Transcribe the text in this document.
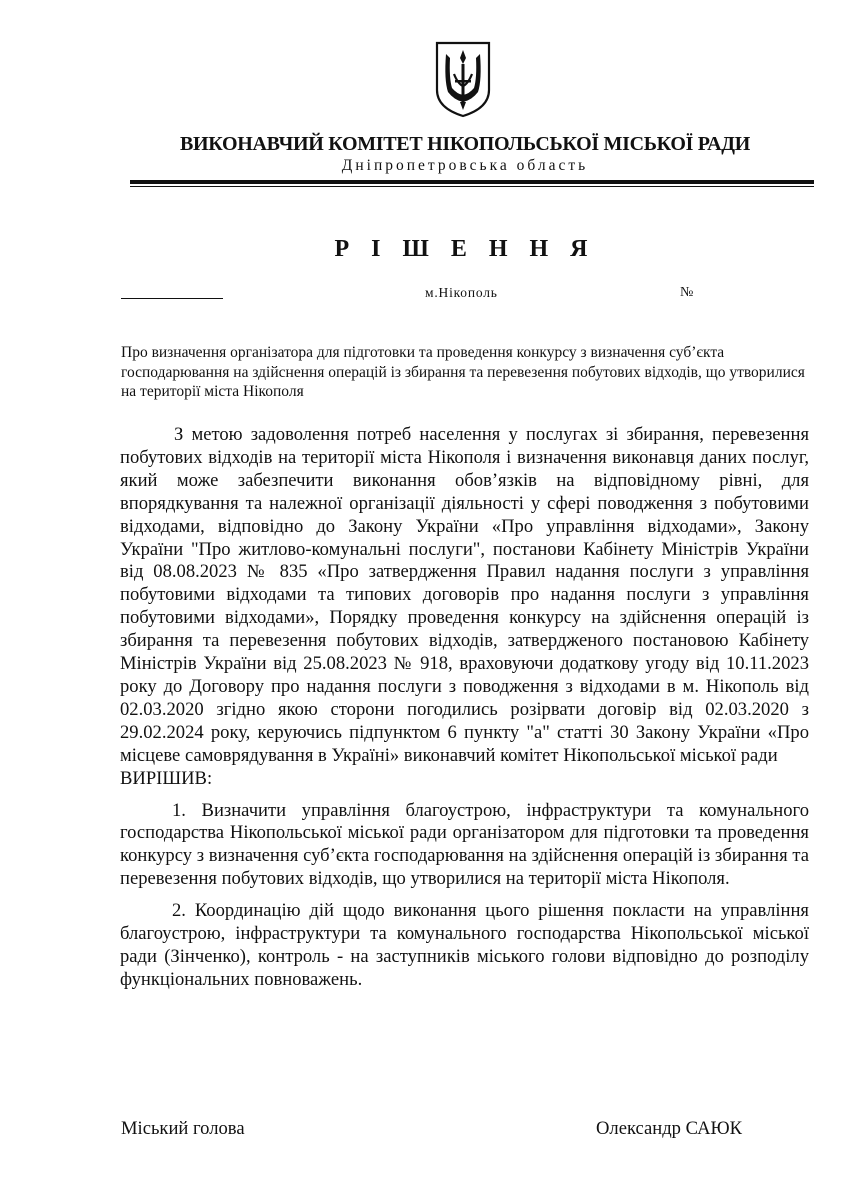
ВИКОНАВЧИЙ КОМІТЕТ НІКОПОЛЬСЬКОЇ МІСЬКОЇ РАДИ
Дніпропетровська область
Р І Ш Е Н Н Я
м.Нікополь	№
Про визначення організатора для підготовки та проведення конкурсу з визначення суб’єкта господарювання на здійснення операцій із збирання та перевезення побутових відходів, що утворилися на території міста Нікополя

З метою задоволення потреб населення у послугах зі збирання, перевезення побутових відходів на території міста Нікополя і визначення виконавця даних послуг, який може забезпечити виконання обов’язків на відповідному рівні, для впорядкування та належної організації діяльності у сфері поводження з побутовими відходами, відповідно до Закону України «Про управління відходами», Закону України "Про житлово-комунальні послуги", постанови Кабінету Міністрів України від 08.08.2023 № 835 «Про затвердження Правил надання послуги з управління побутовими відходами та типових договорів про надання послуги з управління побутовими відходами», Порядку проведення конкурсу на здійснення операцій із збирання та перевезення побутових відходів, затвердженого постановою Кабінету Міністрів України від 25.08.2023 № 918, враховуючи додаткову угоду від 10.11.2023 року до Договору про надання послуги з поводження з відходами в м. Нікополь від 02.03.2020 згідно якою сторони погодились розірвати договір від 02.03.2020 з 29.02.2024 року, керуючись підпунктом 6 пункту "а" статті 30 Закону України «Про місцеве самоврядування в Україні» виконавчий комітет Нікопольської міської ради

ВИРІШИВ:

1. Визначити управління благоустрою, інфраструктури та комунального господарства Нікопольської міської ради організатором для підготовки та проведення конкурсу з визначення суб’єкта господарювання на здійснення операцій із збирання та перевезення побутових відходів, що утворилися на території міста Нікополя.

2. Координацію дій щодо виконання цього рішення покласти на управління благоустрою, інфраструктури та комунального господарства Нікопольської міської ради (Зінченко), контроль - на заступників міського голови відповідно до розподілу функціональних повноважень.

Міський голова	Олександр САЮК
